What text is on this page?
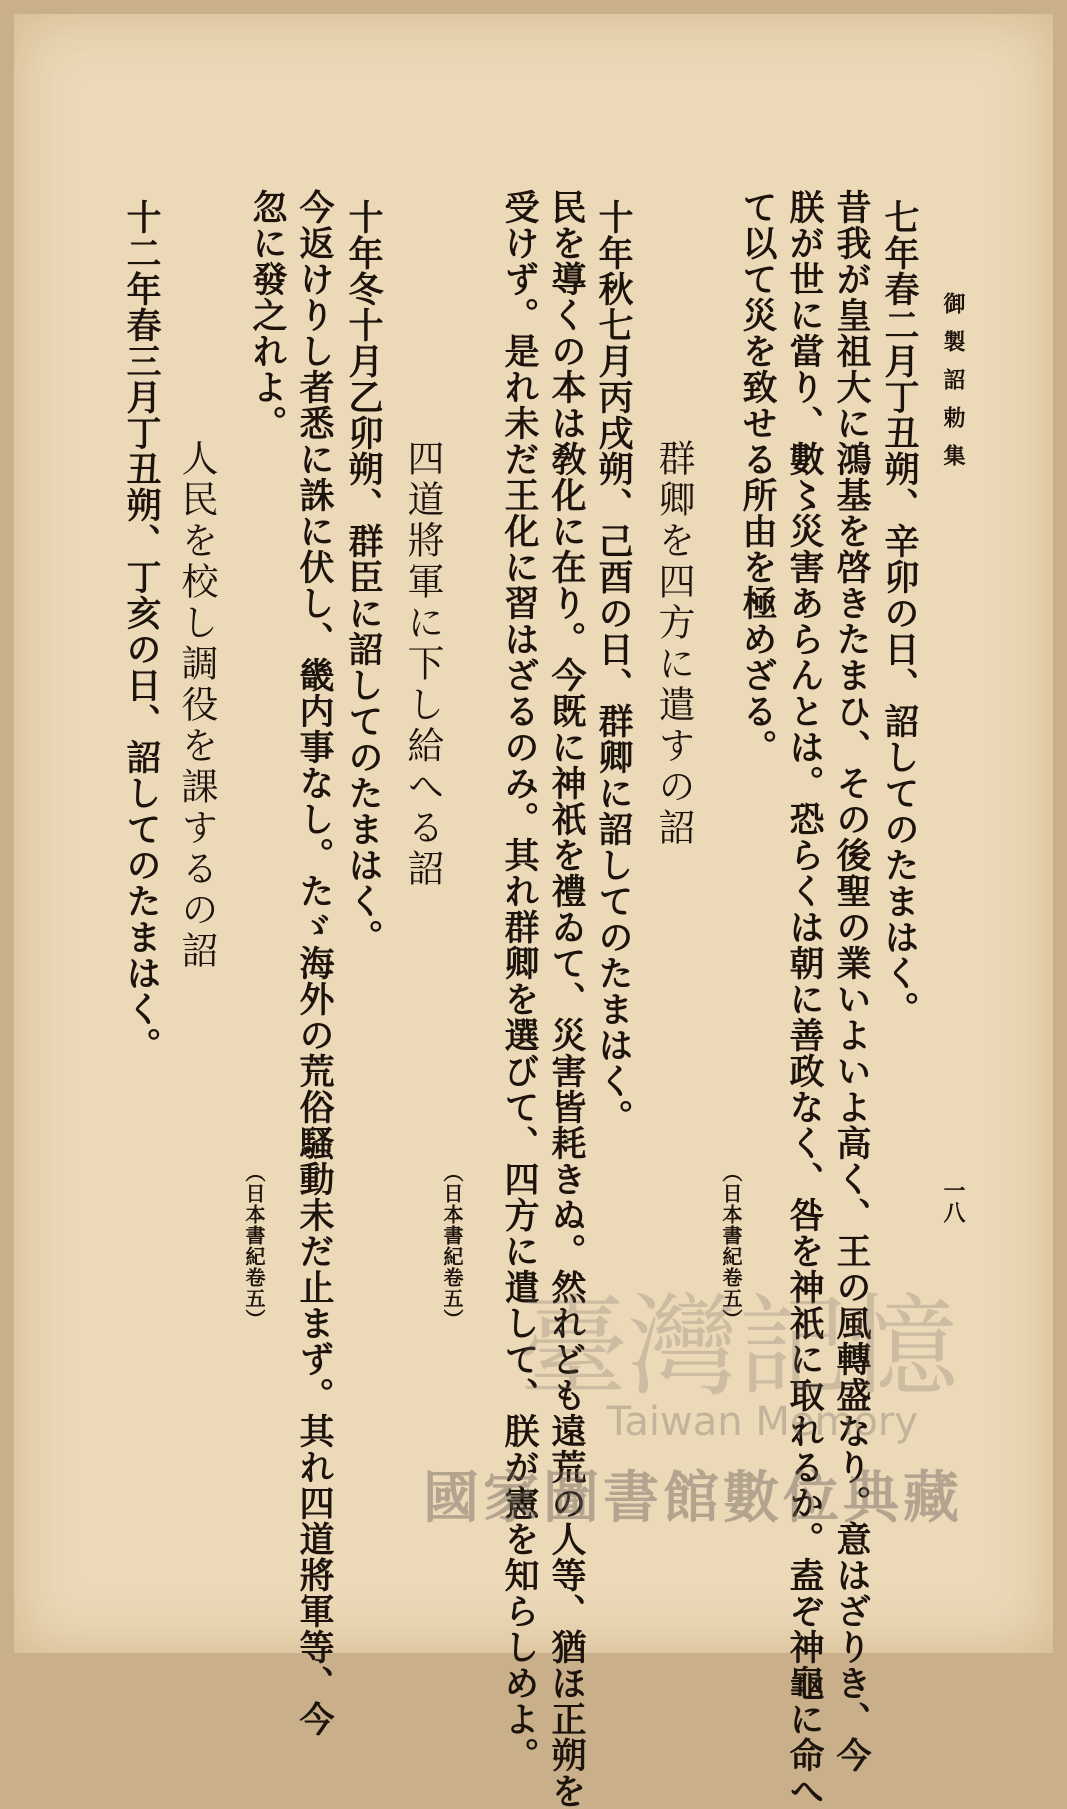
御製詔勅集
一八
七年春二月丁丑朔、辛卯の日、詔してのたまはく。
昔我が皇祖大に鴻基を啓きたまひ、その後聖の業いよいよ高く、王の風轉盛なり。意はざりき、今
朕が世に當り、數〻災害あらんとは。恐らくは朝に善政なく、咎を神祇に取れるか。盍ぞ神龜に命へ
て以て災を致せる所由を極めざる。
（日本書紀卷五）
群卿を四方に遣すの詔
十年秋七月丙戌朔、己酉の日、群卿に詔してのたまはく。
民を導くの本は敎化に在り。今既に神祇を禮ゐて、災害皆耗きぬ。然れども遠荒の人等、猶ほ正朔を
受けず。是れ未だ王化に習はざるのみ。其れ群卿を選びて、四方に遣して、朕が憲を知らしめよ。
（日本書紀卷五）
四道將軍に下し給へる詔
十年冬十月乙卯朔、群臣に詔してのたまはく。
今返けりし者悉に誅に伏し、畿内事なし。たゞ海外の荒俗騷動未だ止まず。其れ四道將軍等、今
忽に發之れよ。
（日本書紀卷五）
人民を校し調役を課するの詔
十二年春三月丁丑朔、丁亥の日、詔してのたまはく。
臺灣記憶
Taiwan Memory
國家圖書館數位典藏
